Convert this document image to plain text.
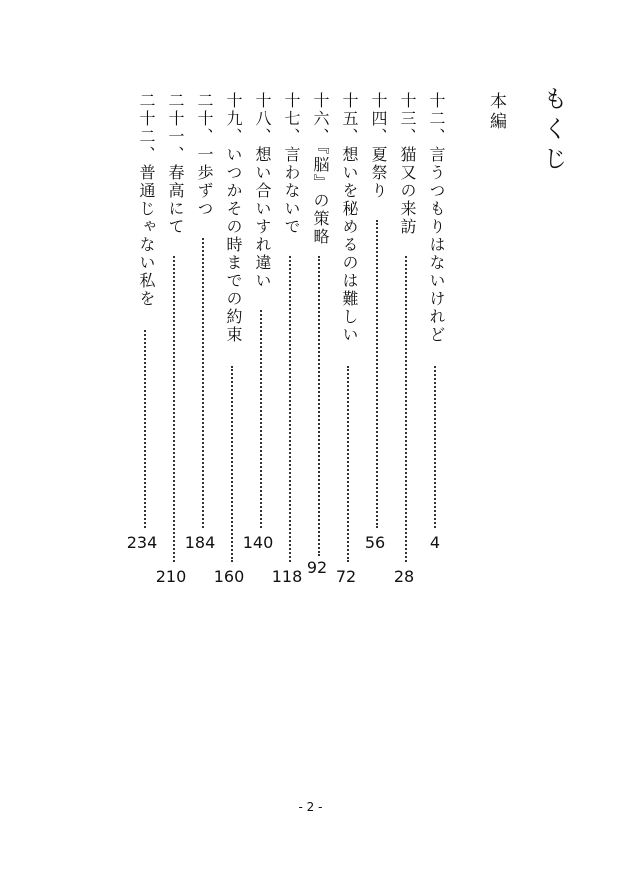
もくじ
本編
十二、言うつもりはないけれど
4
十三、猫又の来訪
28
十四、夏祭り
56
十五、想いを秘めるのは難しい
72
十六、『脳』の策略
92
十七、言わないで
118
十八、想い合いすれ違い
140
十九、いつかその時までの約束
160
二十、一歩ずつ
184
二十一、春高にて
210
二十二、普通じゃない私を
234
- 2 -
